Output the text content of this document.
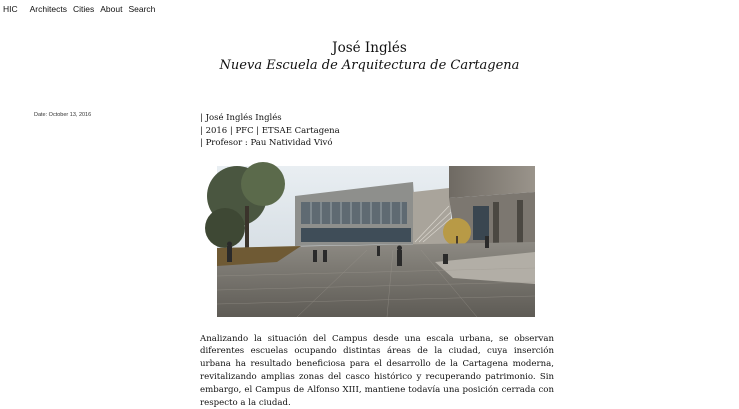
HIC Architects Cities About Search
José Inglés
Nueva Escuela de Arquitectura de Cartagena
Date: October 13, 2016	| José Inglés Inglés
| 2016 | PFC | ETSAE Cartagena
| Profesor : Pau Natividad Vivó

Analizando la situación del Campus desde una escala urbana, se observan diferentes escuelas ocupando distintas áreas de la ciudad, cuya inserción urbana ha resultado beneficiosa para el desarrollo de la Cartagena moderna, revitalizando amplias zonas del casco histórico y recuperando patrimonio. Sin embargo, el Campus de Alfonso XIII, mantiene todavía una posición cerrada con respecto a la ciudad.
